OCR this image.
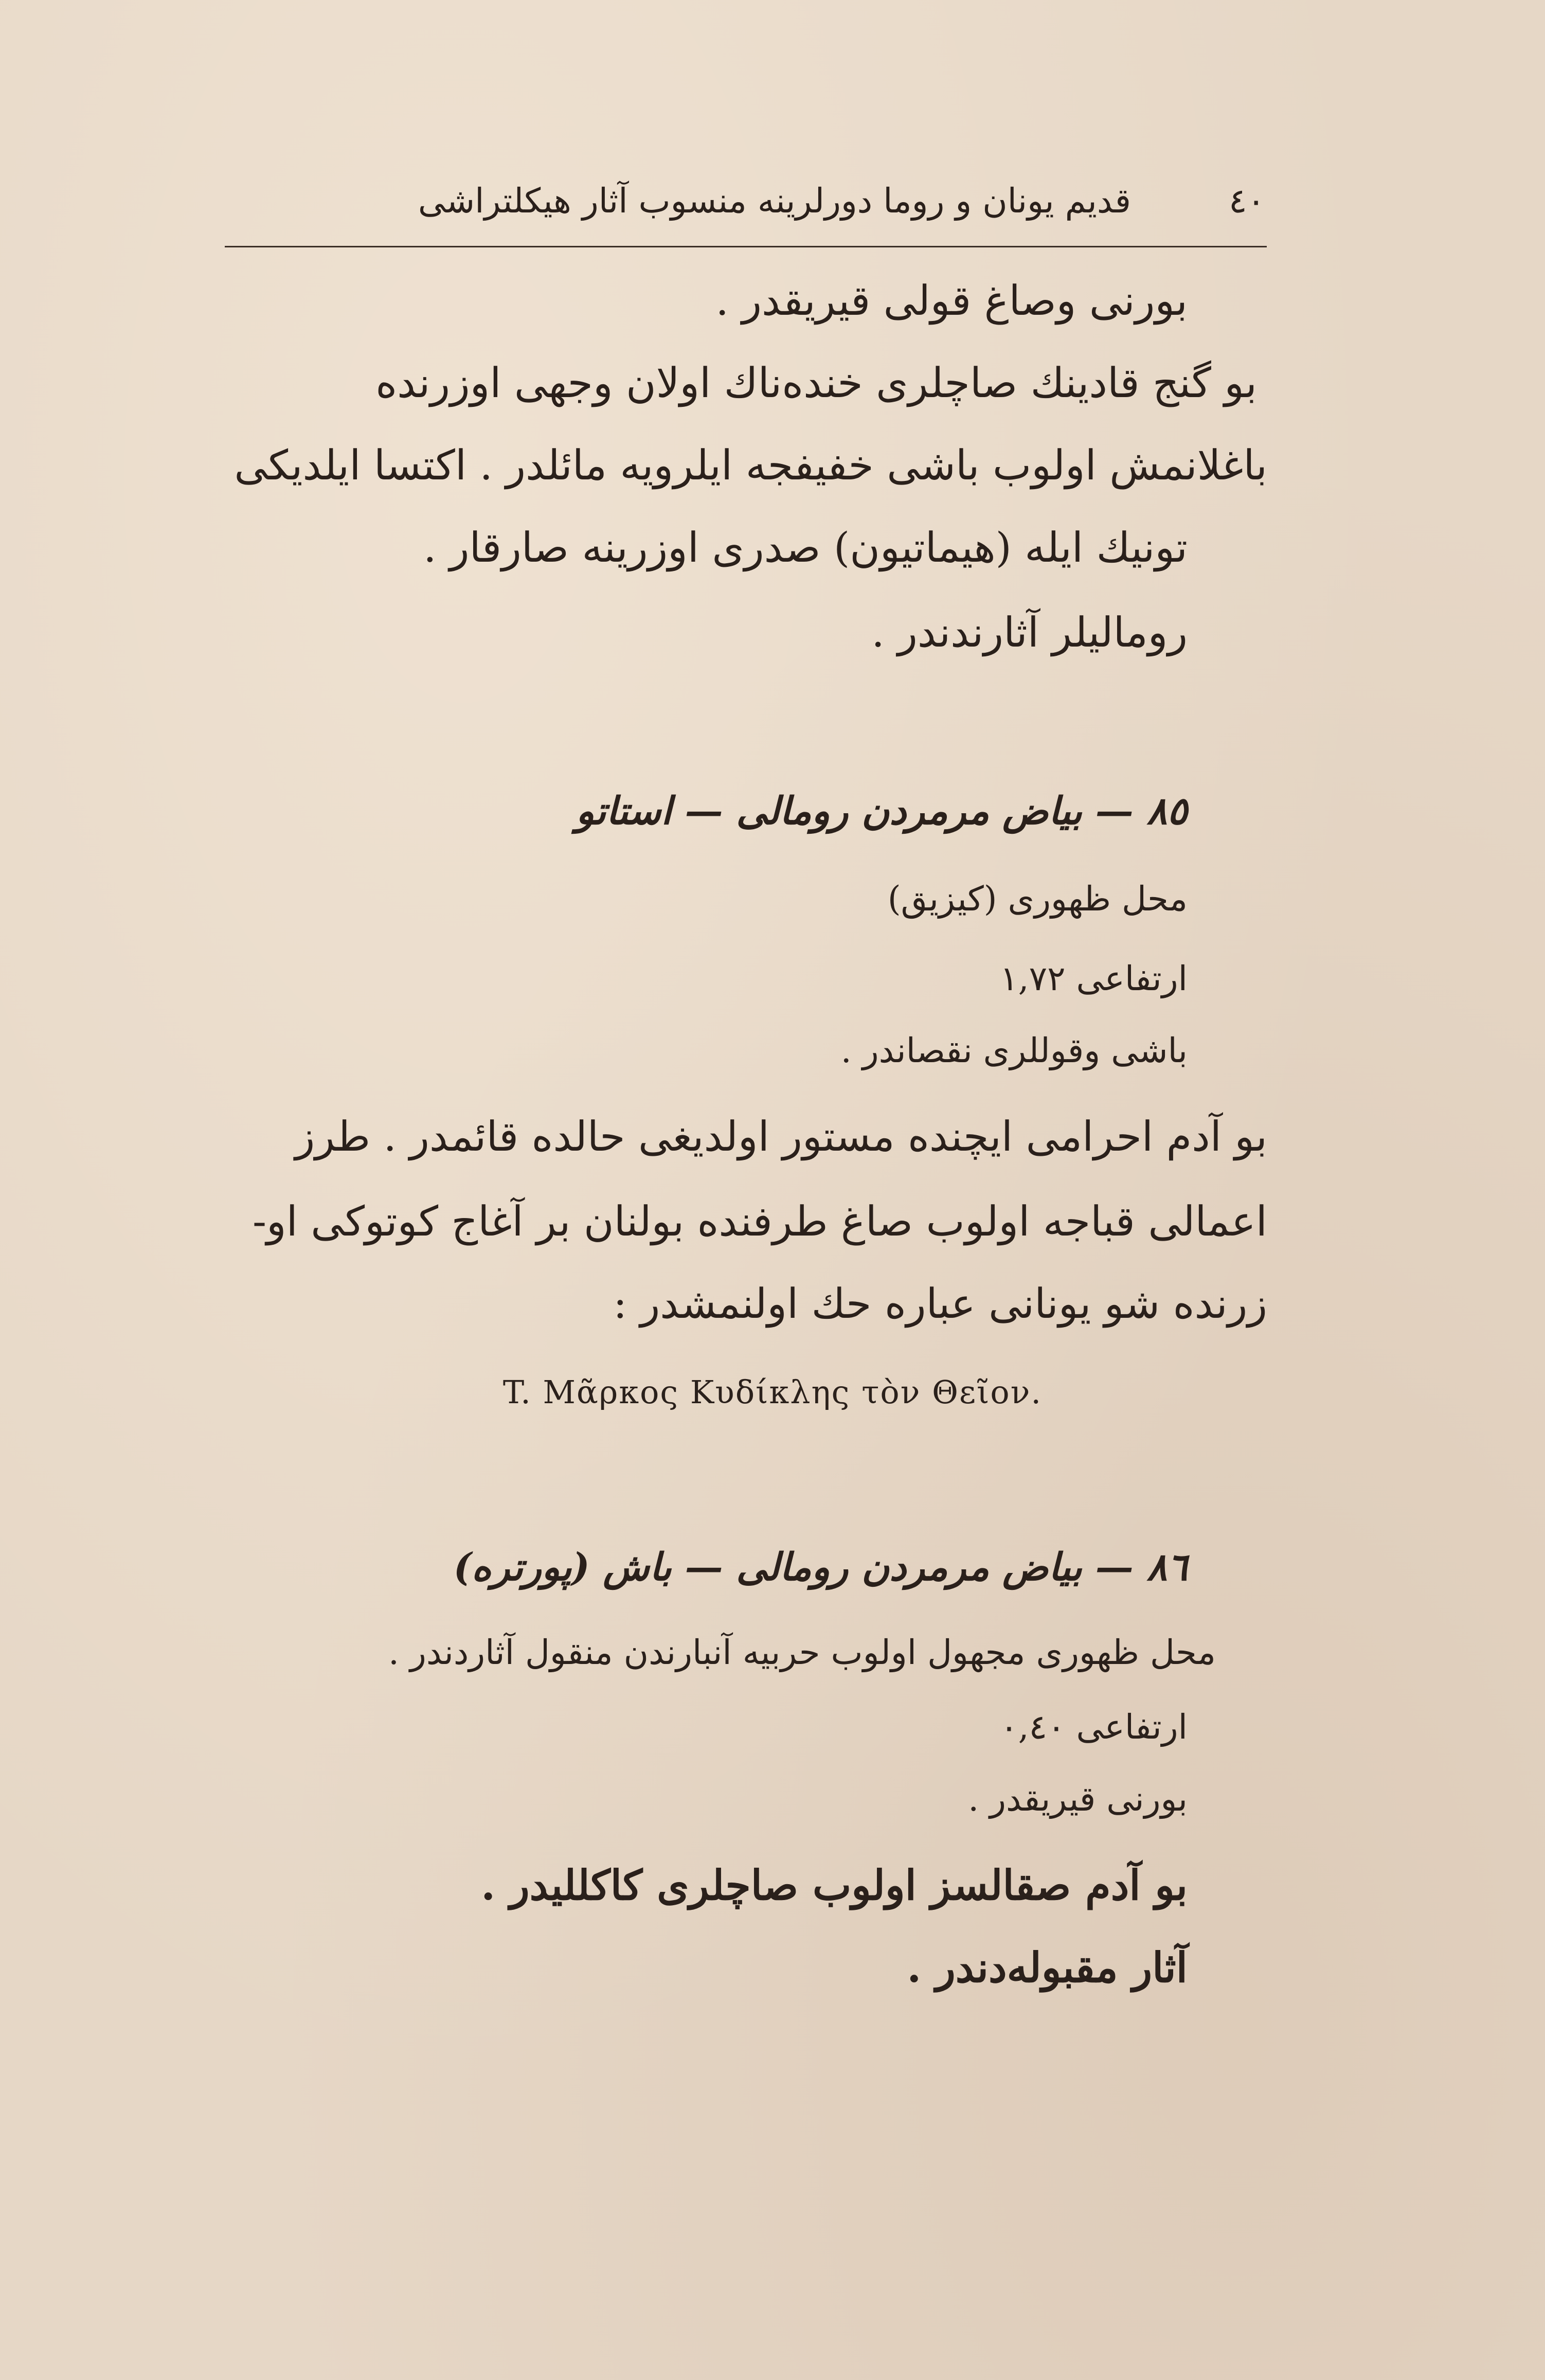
٤٠قديم يونان و روما دورلرينه منسوب آثار هيكلتراشى
بورنى وصاغ قولى قيريقدر .
بو گنج قادينك صاچلرى خنده‌ناك اولان وجهى اوزرنده
باغلانمش اولوب باشى خفيفجه ايلرويه مائلدر . اكتسا ايلديكى
تونيك ايله (هيماتيون) صدرى اوزرينه صارقار .
روماليلر آثارندندر .
٨٥ — بياض مرمردن رومالى — استاتو
محل ظهورى (كيزيق)
ارتفاعى ١,٧٢
باشى وقوللرى نقصاندر .
بو آدم احرامى ايچنده مستور اولديغى حالده قائمدر . طرز
اعمالى قباجه اولوب صاغ طرفنده بولنان بر آغاج كوتوكى او-
زرنده شو يونانى عباره حك اولنمشدر :
T. Μᾶρκος Κυδίκλης τὸν Θεῖον.
٨٦ — بياض مرمردن رومالى — باش (پورتره)
محل ظهورى مجهول اولوب حربيه آنبارندن منقول آثاردندر .
ارتفاعى ٠,٤٠
بورنى قيريقدر .
بو آدم صقالسز اولوب صاچلرى كاكلليدر .
آثار مقبوله‌دندر .
